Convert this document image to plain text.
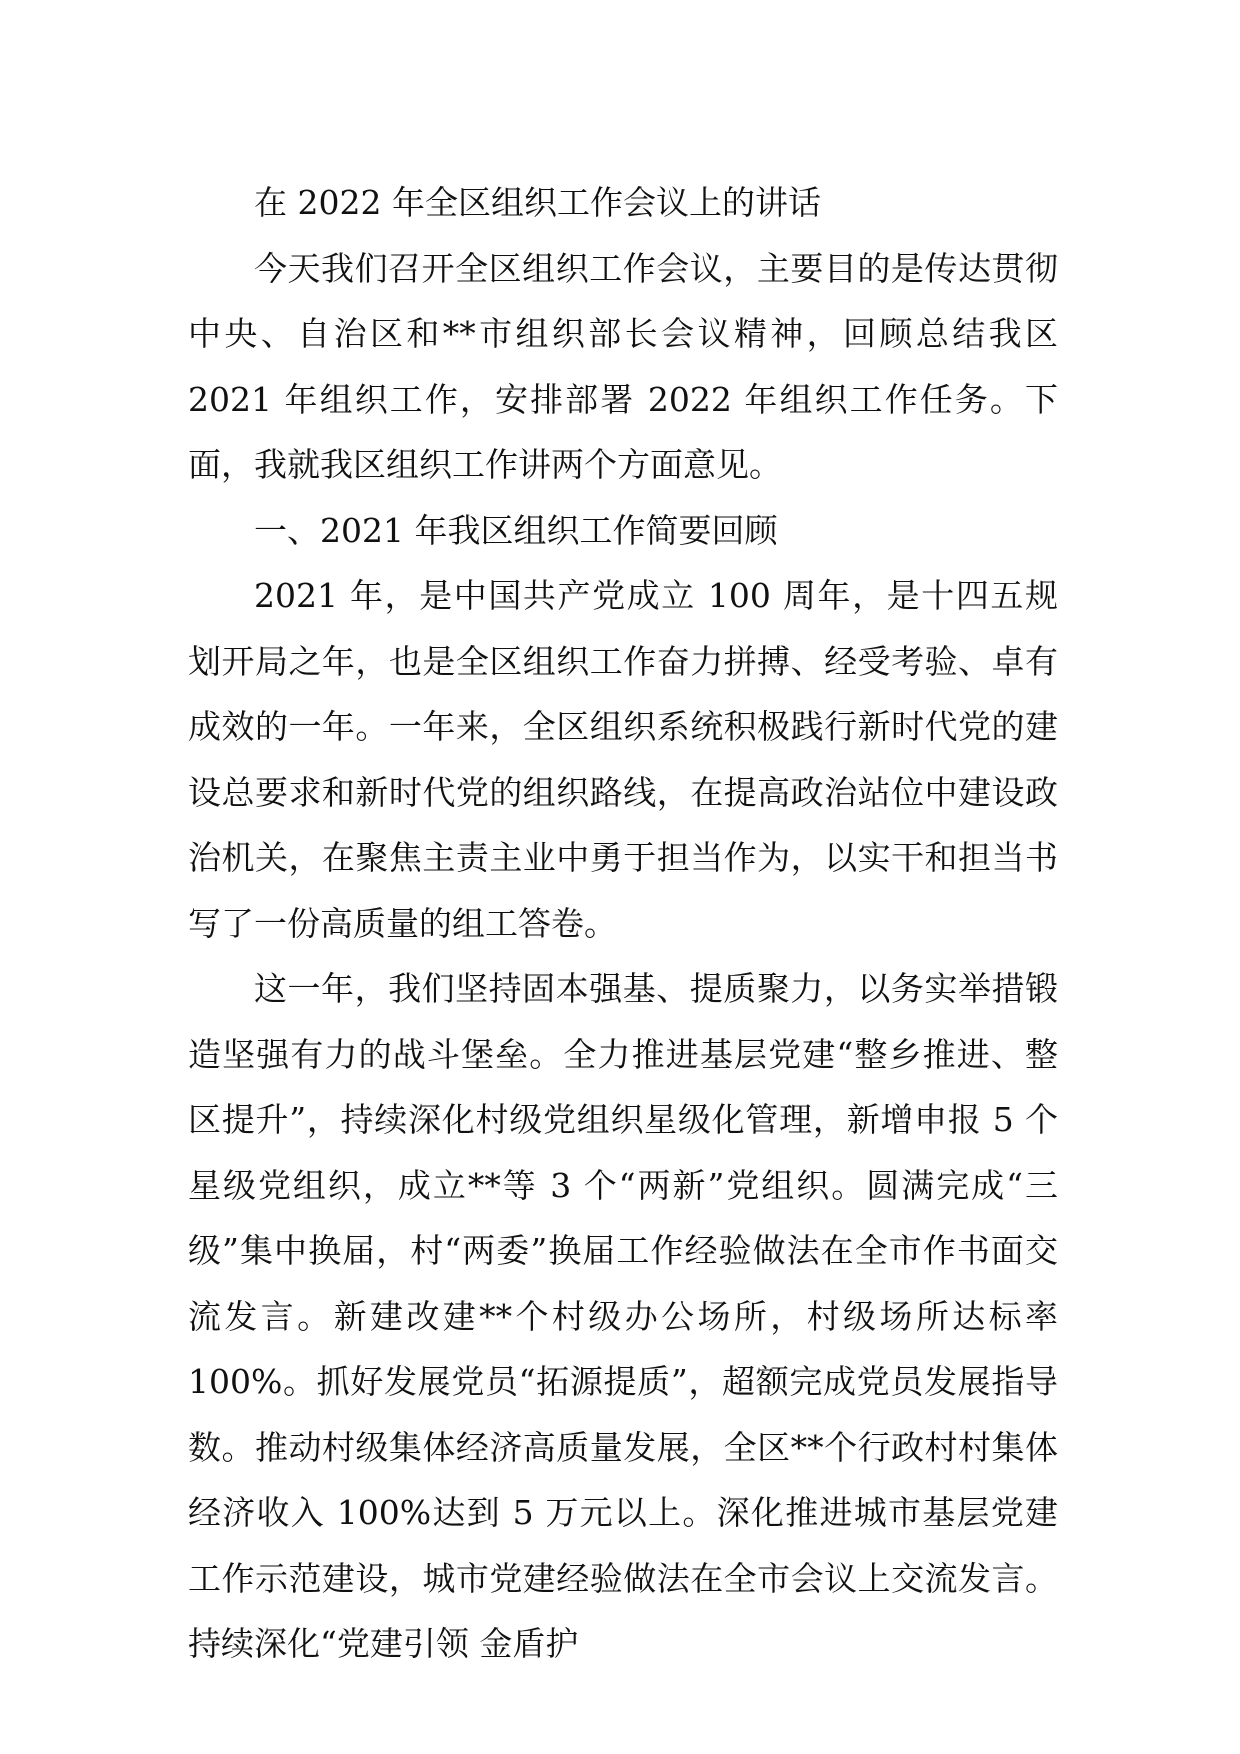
在 2022 年全区组织工作会议上的讲话

今天我们召开全区组织工作会议，主要目的是传达贯彻中央、自治区和**市组织部长会议精神，回顾总结我区 2021 年组织工作，安排部署 2022 年组织工作任务。下面，我就我区组织工作讲两个方面意见。

一、2021 年我区组织工作简要回顾

2021 年，是中国共产党成立 100 周年，是十四五规划开局之年，也是全区组织工作奋力拼搏、经受考验、卓有成效的一年。一年来，全区组织系统积极践行新时代党的建设总要求和新时代党的组织路线，在提高政治站位中建设政治机关，在聚焦主责主业中勇于担当作为，以实干和担当书写了一份高质量的组工答卷。

这一年，我们坚持固本强基、提质聚力，以务实举措锻造坚强有力的战斗堡垒。全力推进基层党建“整乡推进、整区提升”，持续深化村级党组织星级化管理，新增申报 5 个星级党组织，成立**等 3 个“两新”党组织。圆满完成“三级”集中换届，村“两委”换届工作经验做法在全市作书面交流发言。新建改建**个村级办公场所，村级场所达标率 100%。抓好发展党员“拓源提质”，超额完成党员发展指导数。推动村级集体经济高质量发展，全区**个行政村村集体经济收入 100%达到 5 万元以上。深化推进城市基层党建工作示范建设，城市党建经验做法在全市会议上交流发言。持续深化“党建引领 金盾护
